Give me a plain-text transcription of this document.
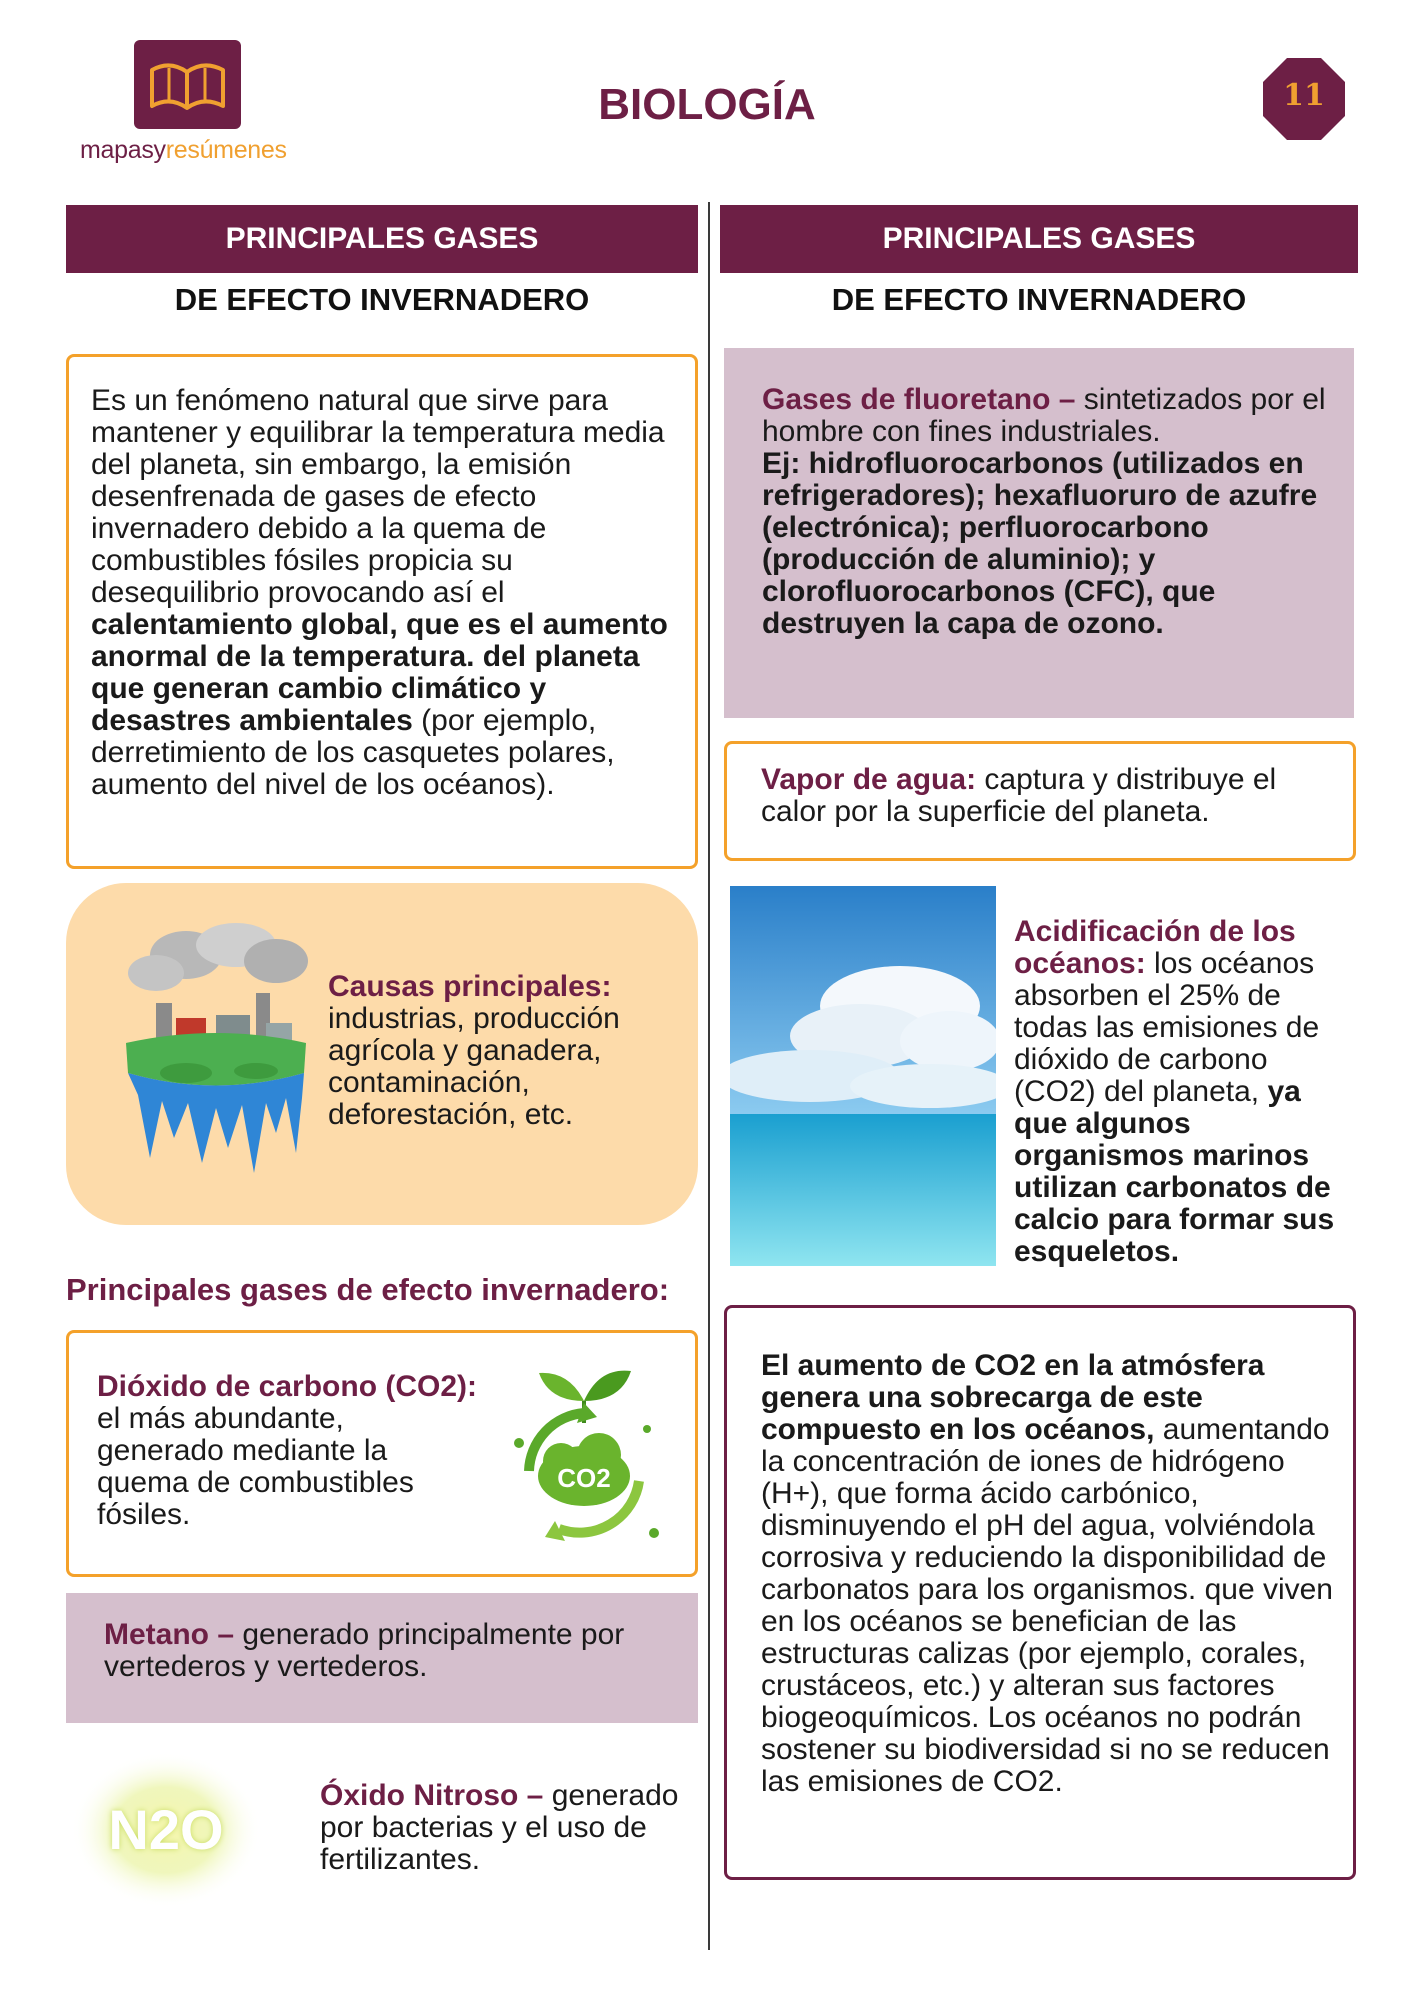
mapasyresúmenes
BIOLOGÍA	11
PRINCIPALES GASES
DE EFECTO INVERNADERO
Es un fenómeno natural que sirve para mantener y equilibrar la temperatura media del planeta, sin embargo, la emisión desenfrenada de gases de efecto invernadero debido a la quema de combustibles fósiles propicia su desequilibrio provocando así el calentamiento global, que es el aumento anormal de la temperatura. del planeta que generan cambio climático y desastres ambientales (por ejemplo, derretimiento de los casquetes polares, aumento del nivel de los océanos).
Causas principales: industrias, producción agrícola y ganadera, contaminación, deforestación, etc.
Principales gases de efecto invernadero:
Dióxido de carbono (CO2): el más abundante, generado mediante la quema de combustibles fósiles.
CO2
Metano – generado principalmente por vertederos y vertederos.
N2O
Óxido Nitroso – generado por bacterias y el uso de fertilizantes.
PRINCIPALES GASES
DE EFECTO INVERNADERO
Gases de fluoretano – sintetizados por el hombre con fines industriales.
Ej: hidrofluorocarbonos (utilizados en refrigeradores); hexafluoruro de azufre (electrónica); perfluorocarbono (producción de aluminio); y clorofluorocarbonos (CFC), que destruyen la capa de ozono.
Vapor de agua: captura y distribuye el calor por la superficie del planeta.
Acidificación de los océanos: los océanos absorben el 25% de todas las emisiones de dióxido de carbono (CO2) del planeta, ya que algunos organismos marinos utilizan carbonatos de calcio para formar sus esqueletos.
El aumento de CO2 en la atmósfera genera una sobrecarga de este compuesto en los océanos, aumentando la concentración de iones de hidrógeno (H+), que forma ácido carbónico, disminuyendo el pH del agua, volviéndola corrosiva y reduciendo la disponibilidad de carbonatos para los organismos. que viven en los océanos se benefician de las estructuras calizas (por ejemplo, corales, crustáceos, etc.) y alteran sus factores biogeoquímicos. Los océanos no podrán sostener su biodiversidad si no se reducen las emisiones de CO2.
